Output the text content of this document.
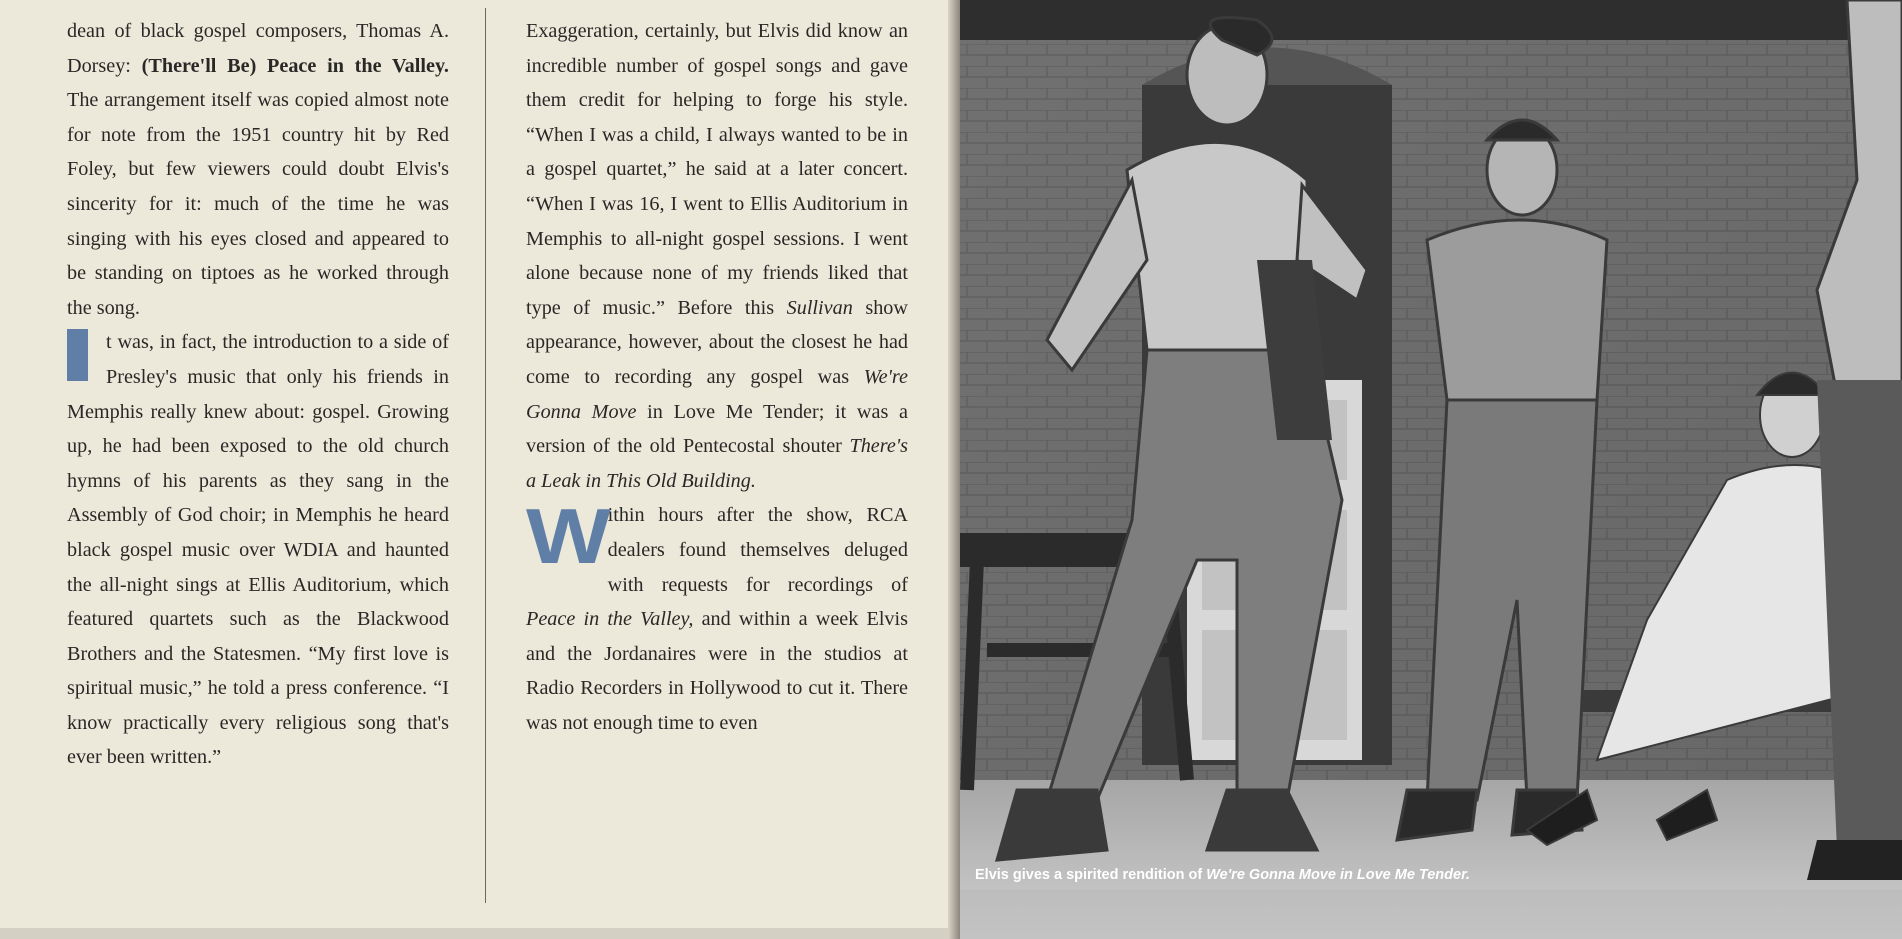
dean of black gospel composers, Thomas A. Dorsey: (There'll Be) Peace in the Valley. The arrangement itself was copied almost note for note from the 1951 country hit by Red Foley, but few viewers could doubt Elvis's sincerity for it: much of the time he was singing with his eyes closed and appeared to be standing on tiptoes as he worked through the song.

t was, in fact, the introduction to a side of Presley's music that only his friends in Memphis really knew about: gospel. Growing up, he had been exposed to the old church hymns of his parents as they sang in the Assembly of God choir; in Memphis he heard black gospel music over WDIA and haunted the all-night sings at Ellis Auditorium, which featured quartets such as the Blackwood Brothers and the Statesmen. “My first love is spiritual music,” he told a press conference. “I know practically every religious song that's ever been written.”

Exaggeration, certainly, but Elvis did know an incredible number of gospel songs and gave them credit for helping to forge his style. “When I was a child, I always wanted to be in a gospel quartet,” he said at a later concert. “When I was 16, I went to Ellis Auditorium in Memphis to all-night gospel sessions. I went alone because none of my friends liked that type of music.” Before this Sullivan show appearance, however, about the closest he had come to recording any gospel was We're Gonna Move in Love Me Tender; it was a version of the old Pentecostal shouter There's a Leak in This Old Building.

Within hours after the show, RCA dealers found themselves deluged with requests for recordings of Peace in the Valley, and within a week Elvis and the Jordanaires were in the studios at Radio Recorders in Hollywood to cut it. There was not enough time to even

Elvis gives a spirited rendition of We're Gonna Move in Love Me Tender.
